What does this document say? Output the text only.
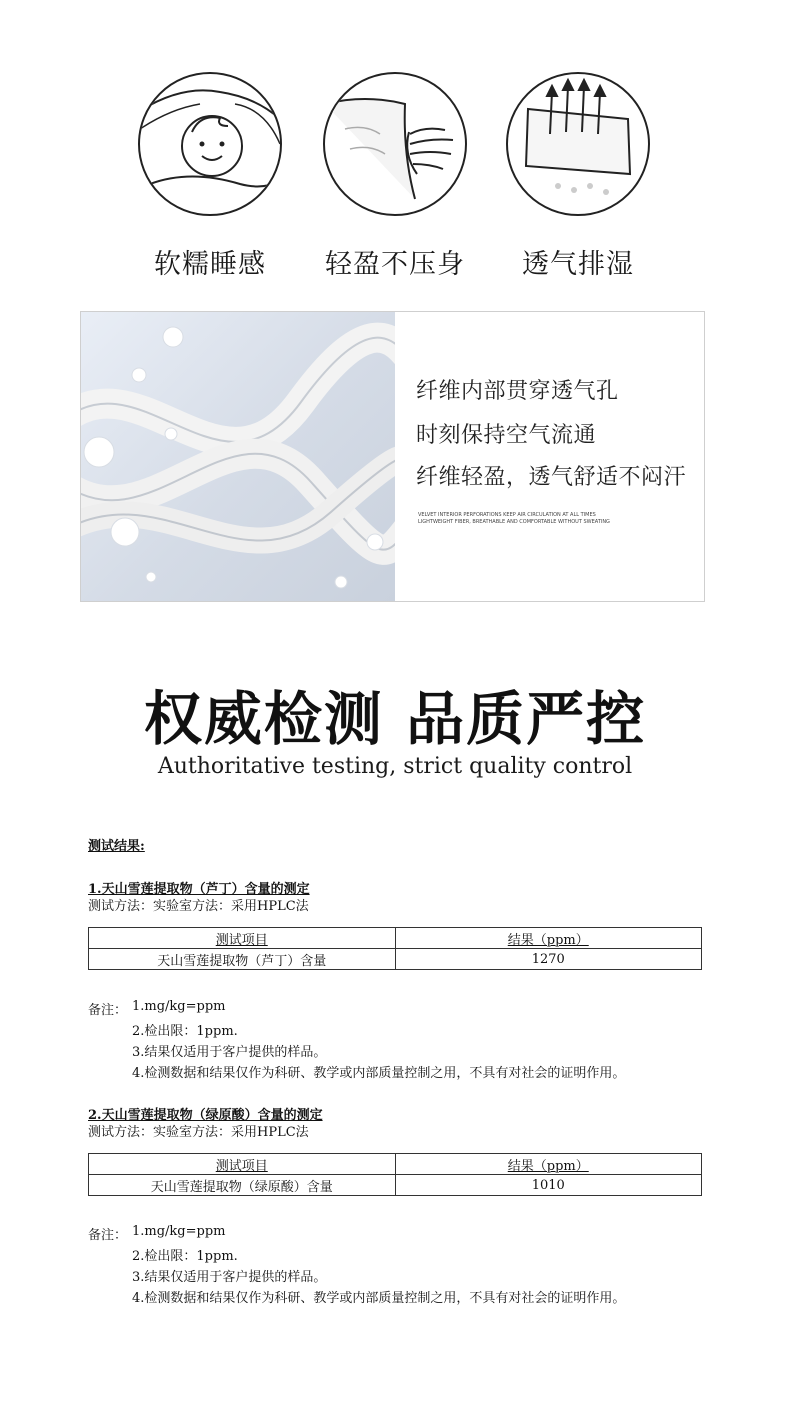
软糯睡感	轻盈不压身	透气排湿
纤维内部贯穿透气孔
时刻保持空气流通
纤维轻盈，透气舒适不闷汗
VELVET INTERIOR PERFORATIONS KEEP AIR CIRCULATION AT ALL TIMES
LIGHTWEIGHT FIBER, BREATHABLE AND COMFORTABLE WITHOUT SWEATING
权威检测 品质严控
Authoritative testing, strict quality control
测试结果:
1.天山雪莲提取物（芦丁）含量的测定
测试方法：实验室方法：采用HPLC法
测试项目	结果（ppm）
天山雪莲提取物（芦丁）含量	1270
备注： 1.mg/kg=ppm
2.检出限：1ppm.
3.结果仅适用于客户提供的样品。
4.检测数据和结果仅作为科研、教学或内部质量控制之用，不具有对社会的证明作用。
2.天山雪莲提取物（绿原酸）含量的测定
测试方法：实验室方法：采用HPLC法
测试项目	结果（ppm）
天山雪莲提取物（绿原酸）含量	1010
备注： 1.mg/kg=ppm
2.检出限：1ppm.
3.结果仅适用于客户提供的样品。
4.检测数据和结果仅作为科研、教学或内部质量控制之用，不具有对社会的证明作用。
